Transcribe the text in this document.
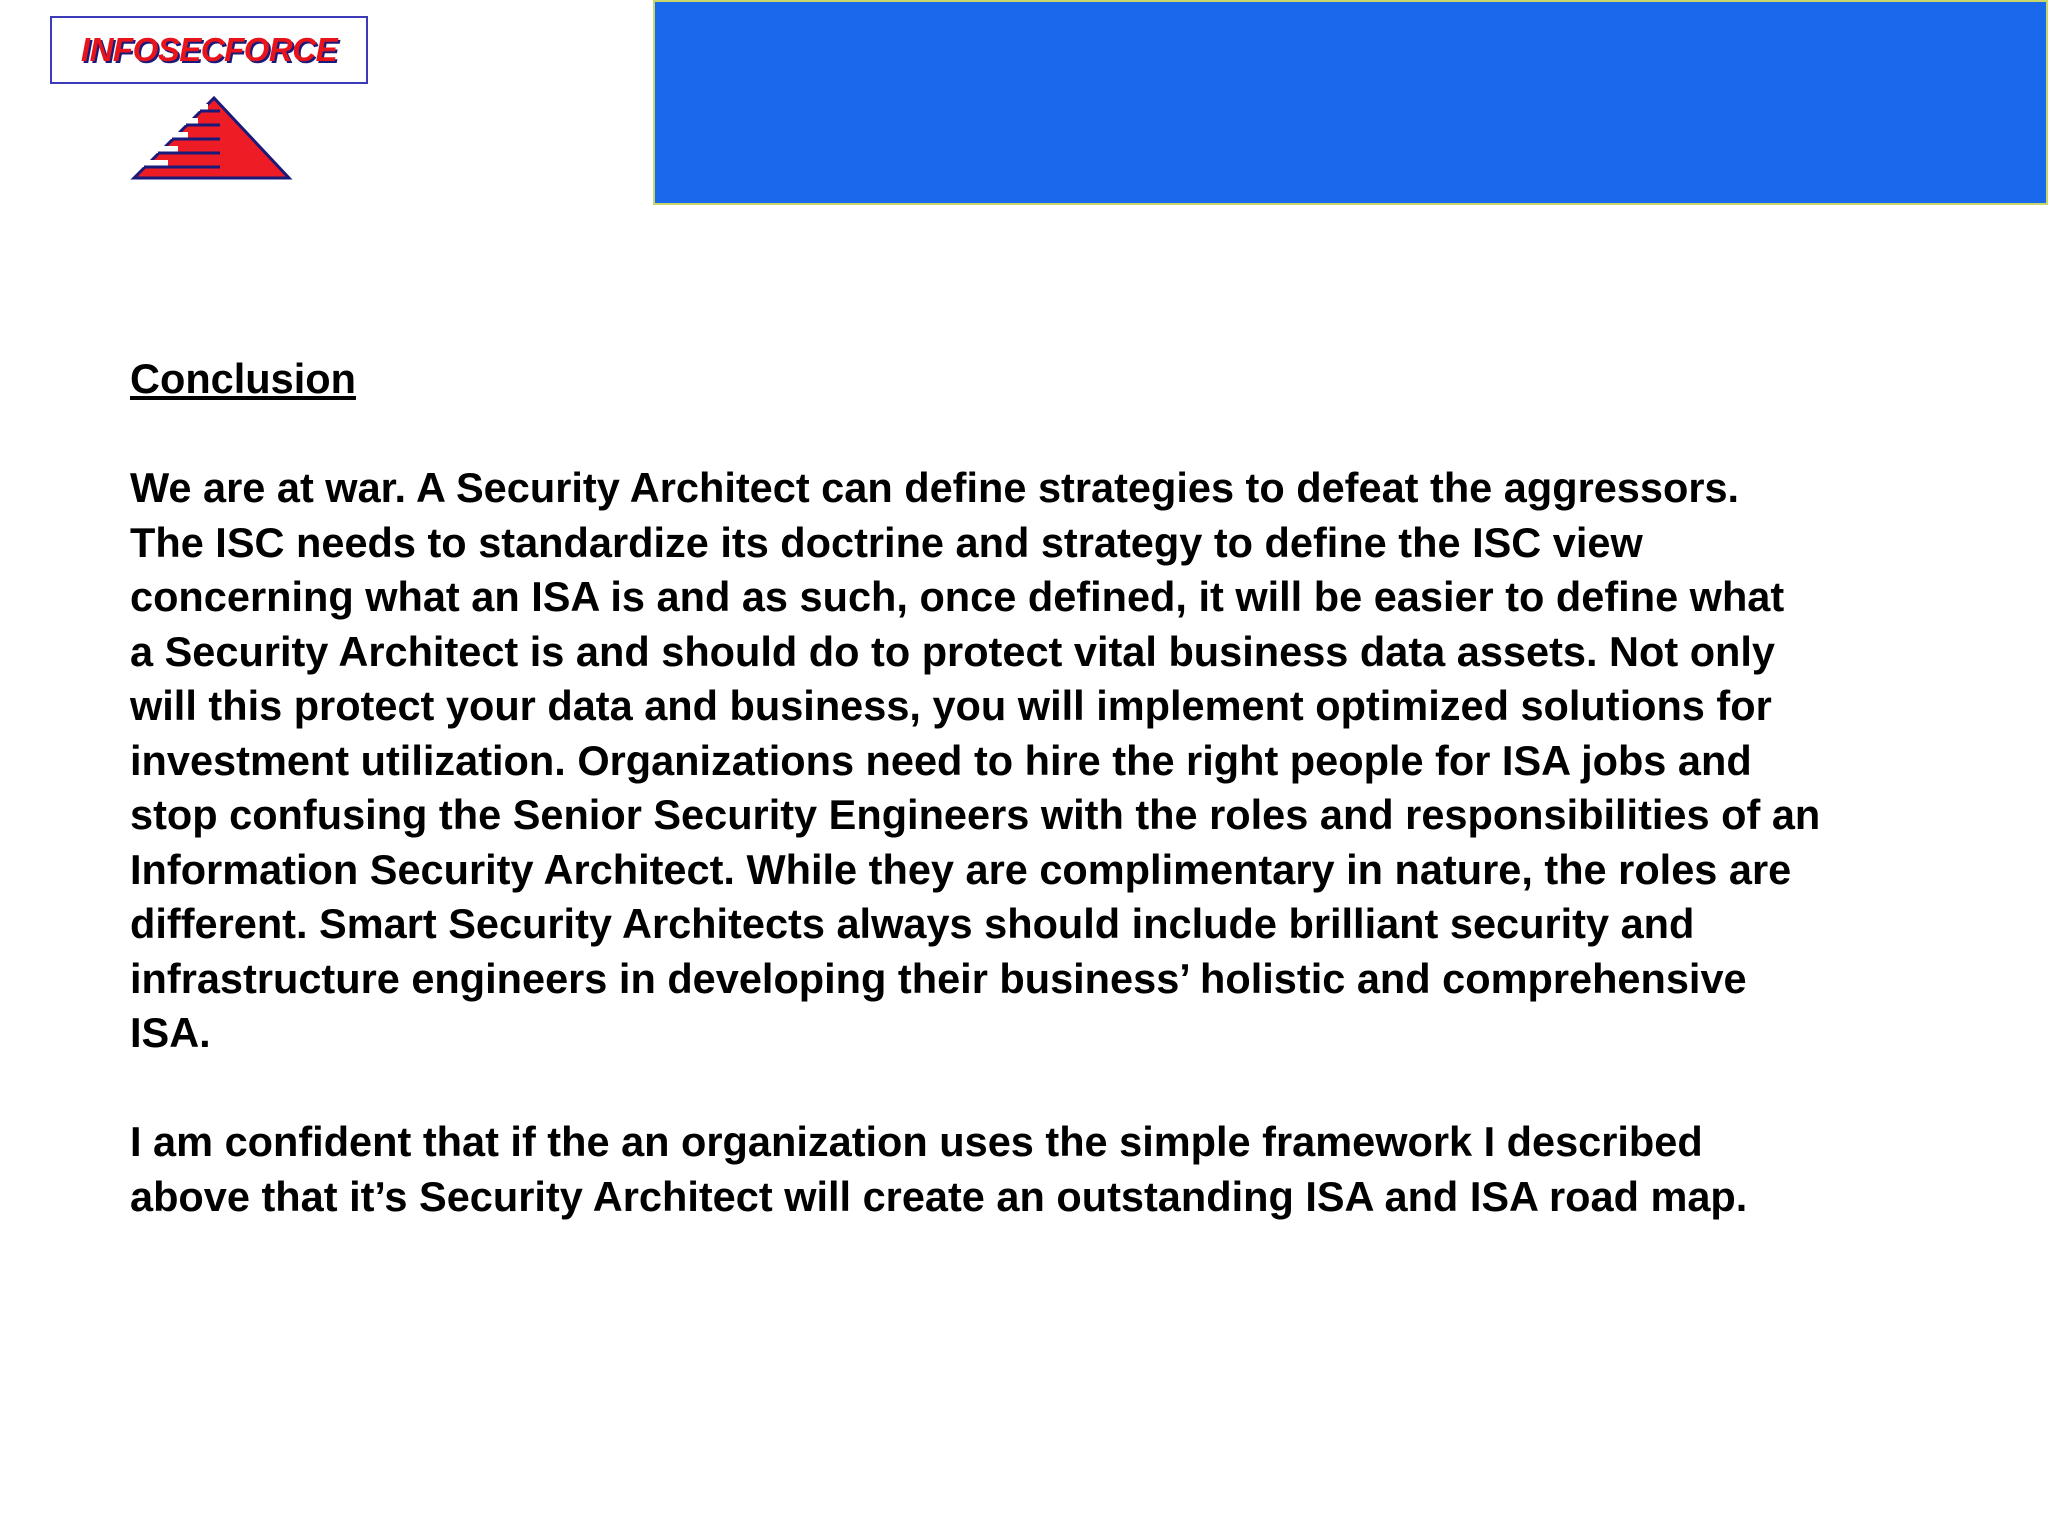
INFOSECFORCE

Conclusion

We are at war. A Security Architect can define strategies to defeat the aggressors.
The ISC needs to standardize its doctrine and strategy to define the ISC view
concerning what an ISA is and as such, once defined, it will be easier to define what
a Security Architect is and should do to protect vital business data assets. Not only
will this protect your data and business, you will implement optimized solutions for
investment utilization. Organizations need to hire the right people for ISA jobs and
stop confusing the Senior Security Engineers with the roles and responsibilities of an
Information Security Architect. While they are complimentary in nature, the roles are
different. Smart Security Architects always should include brilliant security and
infrastructure engineers in developing their business’ holistic and comprehensive
ISA.

I am confident that if the an organization uses the simple framework I described
above that it’s Security Architect will create an outstanding ISA and ISA road map.
